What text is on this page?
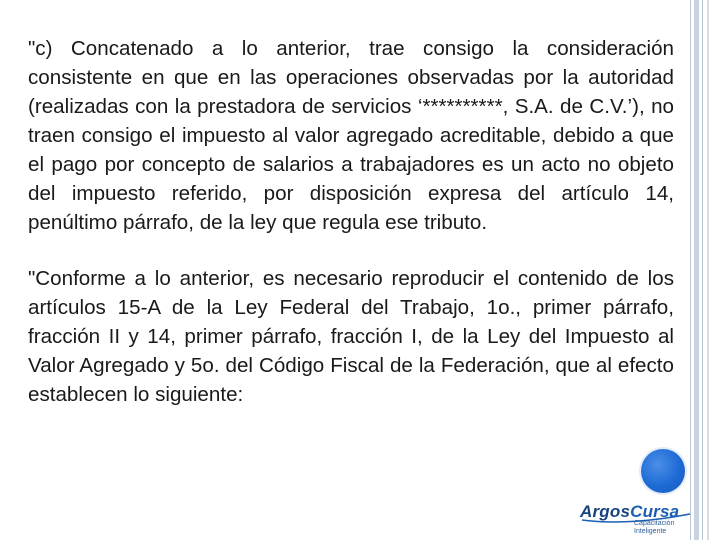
"c) Concatenado a lo anterior, trae consigo la consideración consistente en que en las operaciones observadas por la autoridad (realizadas con la prestadora de servicios ‘**********, S.A. de C.V.’), no traen consigo el impuesto al valor agregado acreditable, debido a que el pago por concepto de salarios a trabajadores es un acto no objeto del impuesto referido, por disposición expresa del artículo 14, penúltimo párrafo, de la ley que regula ese tributo.

"Conforme a lo anterior, es necesario reproducir el contenido de los artículos 15-A de la Ley Federal del Trabajo, 1o., primer párrafo, fracción II y 14, primer párrafo, fracción I, de la Ley del Impuesto al Valor Agregado y 5o. del Código Fiscal de la Federación, que al efecto establecen lo siguiente:

ArgosCursa
Capacitación
Inteligente
